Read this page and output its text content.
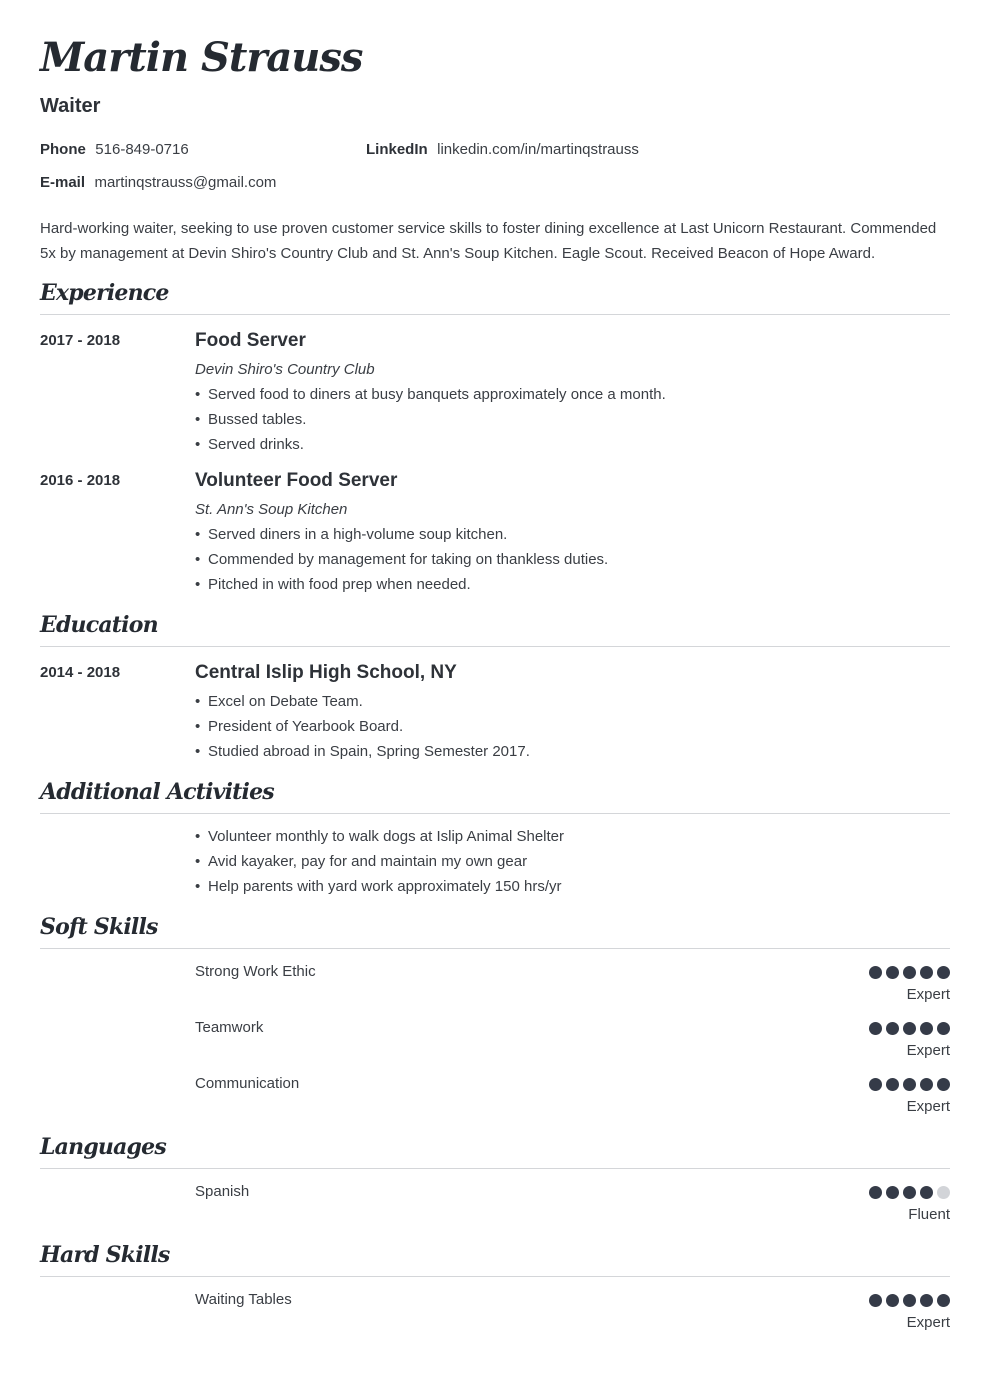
Martin Strauss
Waiter
Phone 516-849-0716	LinkedIn linkedin.com/in/martinqstrauss
E-mail martinqstrauss@gmail.com
Hard-working waiter, seeking to use proven customer service skills to foster dining excellence at Last Unicorn Restaurant. Commended 5x by management at Devin Shiro's Country Club and St. Ann's Soup Kitchen. Eagle Scout. Received Beacon of Hope Award.
Experience
2017 - 2018	Food Server
Devin Shiro's Country Club
• Served food to diners at busy banquets approximately once a month.
• Bussed tables.
• Served drinks.
2016 - 2018	Volunteer Food Server
St. Ann's Soup Kitchen
• Served diners in a high-volume soup kitchen.
• Commended by management for taking on thankless duties.
• Pitched in with food prep when needed.
Education
2014 - 2018	Central Islip High School, NY
• Excel on Debate Team.
• President of Yearbook Board.
• Studied abroad in Spain, Spring Semester 2017.
Additional Activities
• Volunteer monthly to walk dogs at Islip Animal Shelter
• Avid kayaker, pay for and maintain my own gear
• Help parents with yard work approximately 150 hrs/yr
Soft Skills
Strong Work Ethic
Expert
Teamwork
Expert
Communication
Expert
Languages
Spanish
Fluent
Hard Skills
Waiting Tables
Expert
